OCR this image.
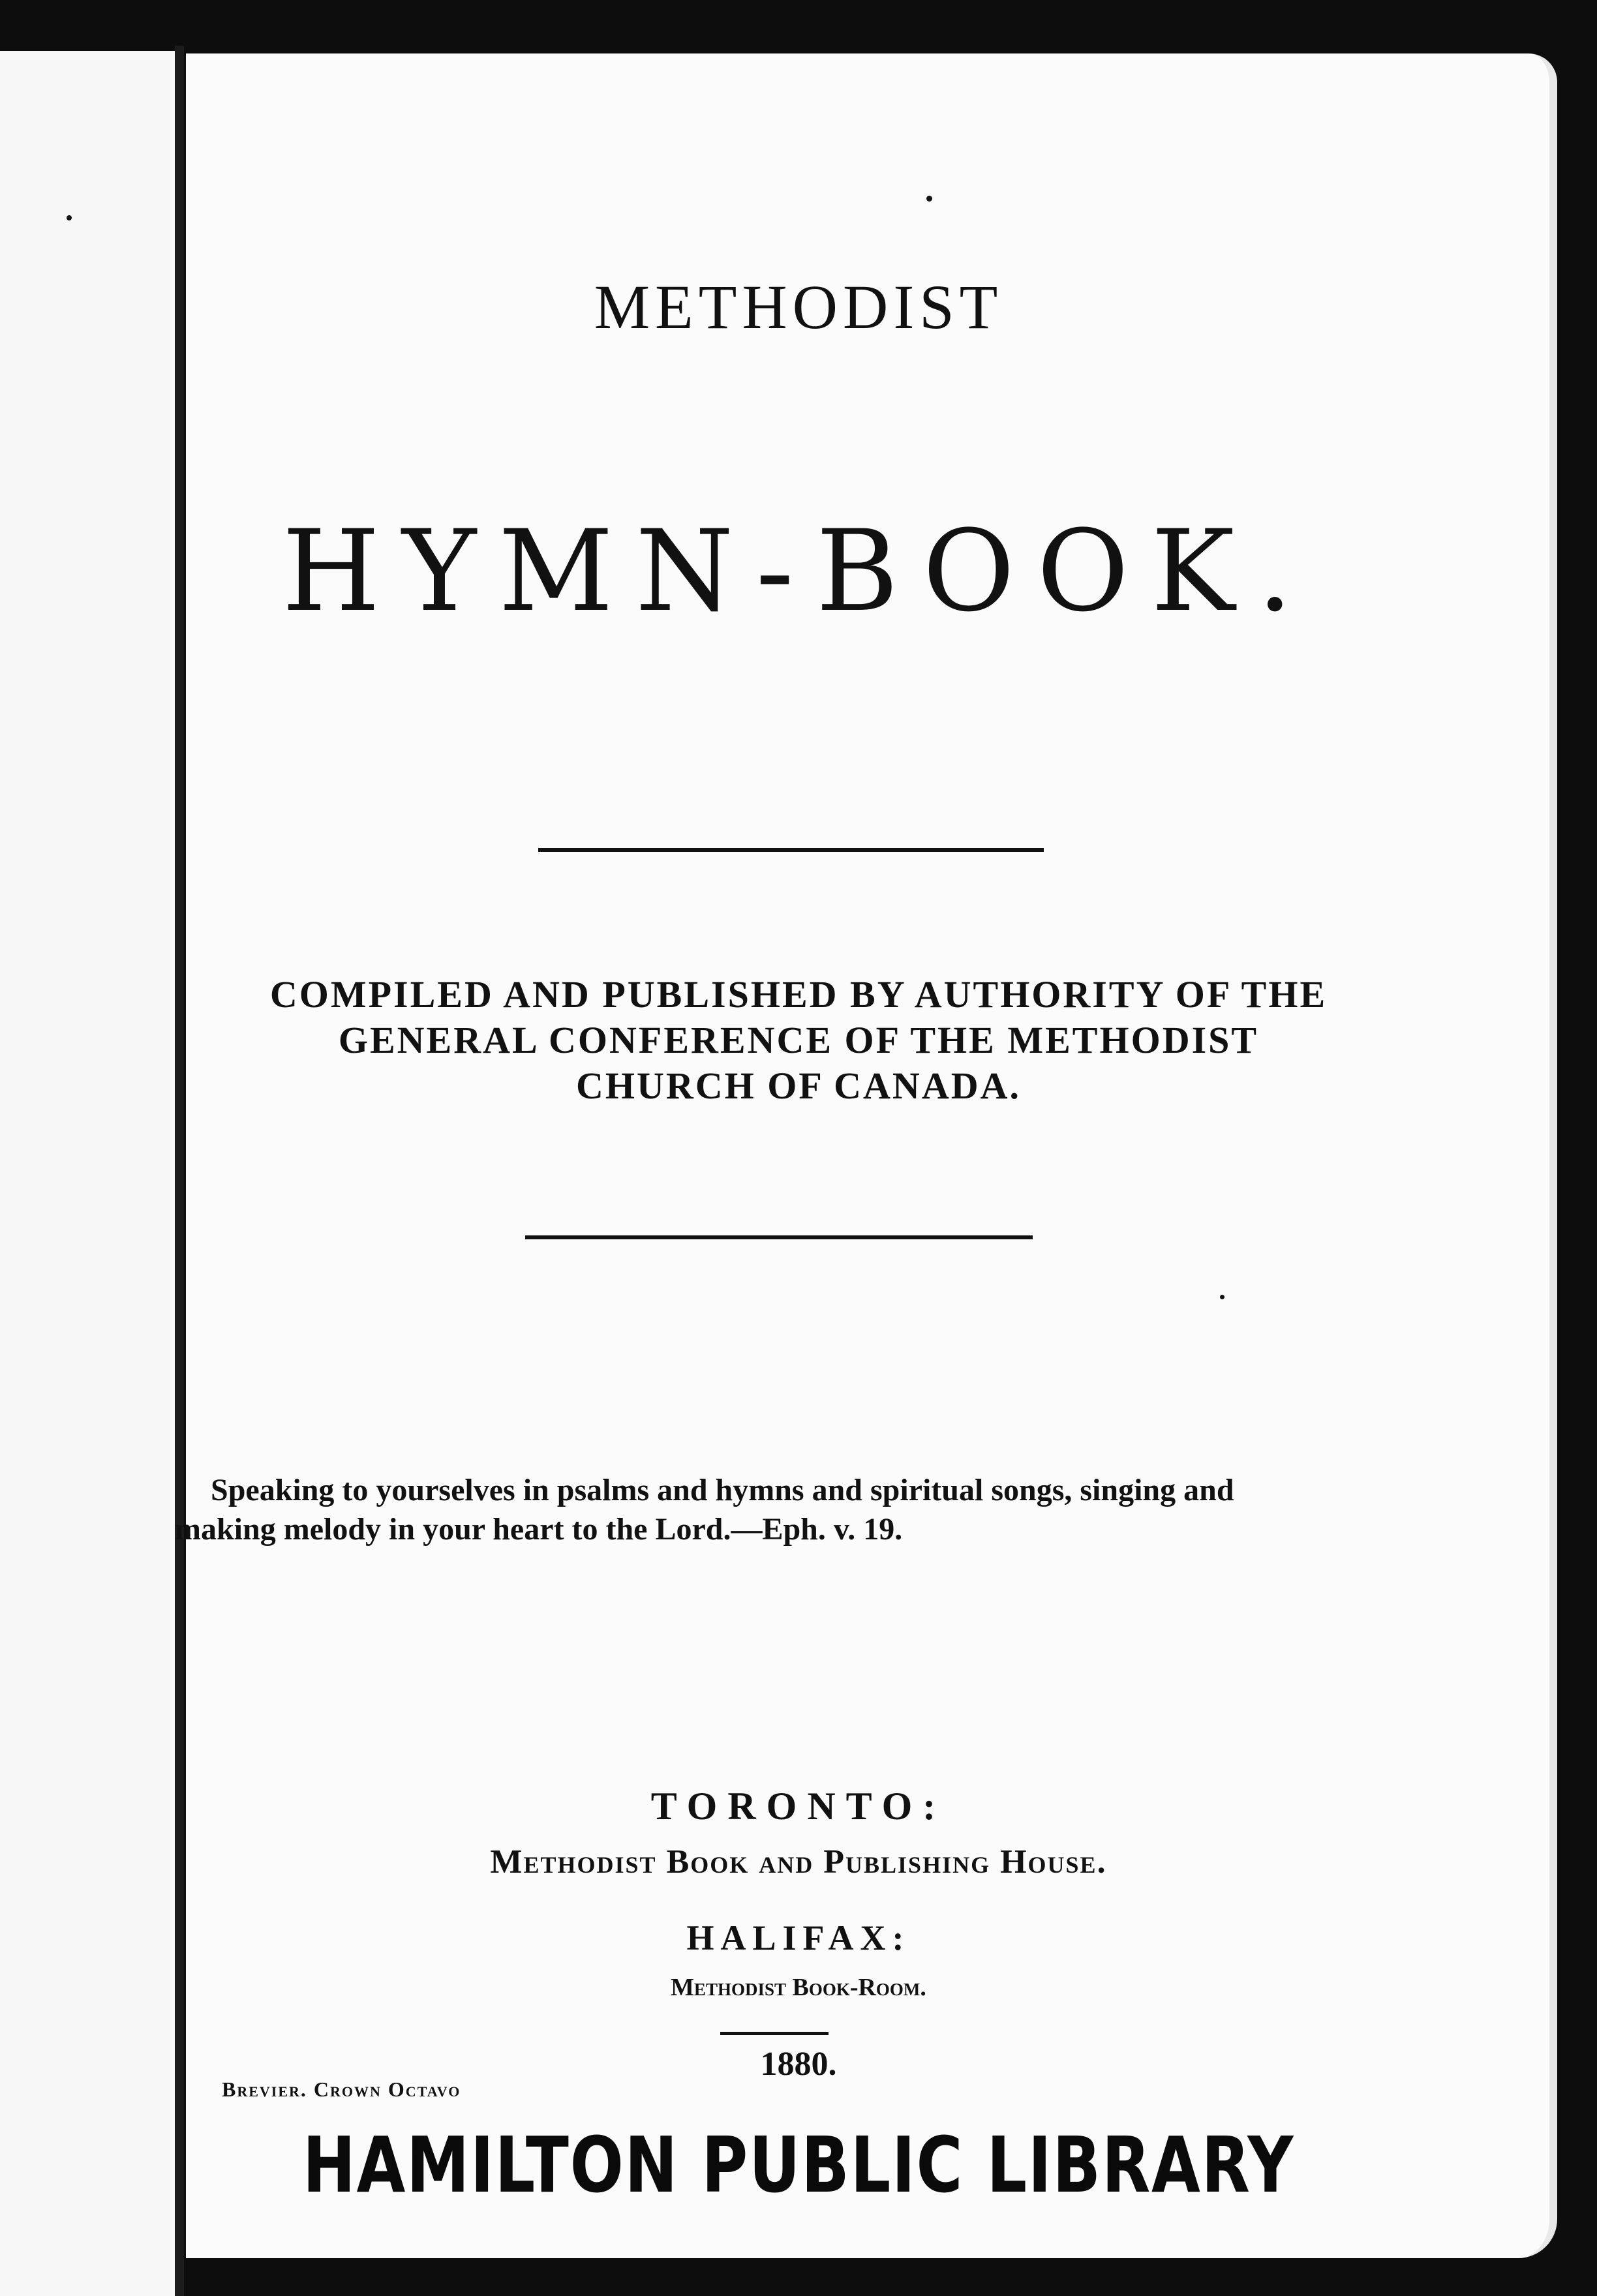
METHODIST
HYMN-BOOK.
COMPILED AND PUBLISHED BY AUTHORITY OF THE
GENERAL CONFERENCE OF THE METHODIST
CHURCH OF CANADA.
Speaking to yourselves in psalms and hymns and spiritual songs, singing and
making melody in your heart to the Lord.—Eph. v. 19.
TORONTO:
Methodist Book and Publishing House.
HALIFAX:
Methodist Book-Room.
1880.
Brevier. Crown Octavo
HAMILTON PUBLIC LIBRARY
